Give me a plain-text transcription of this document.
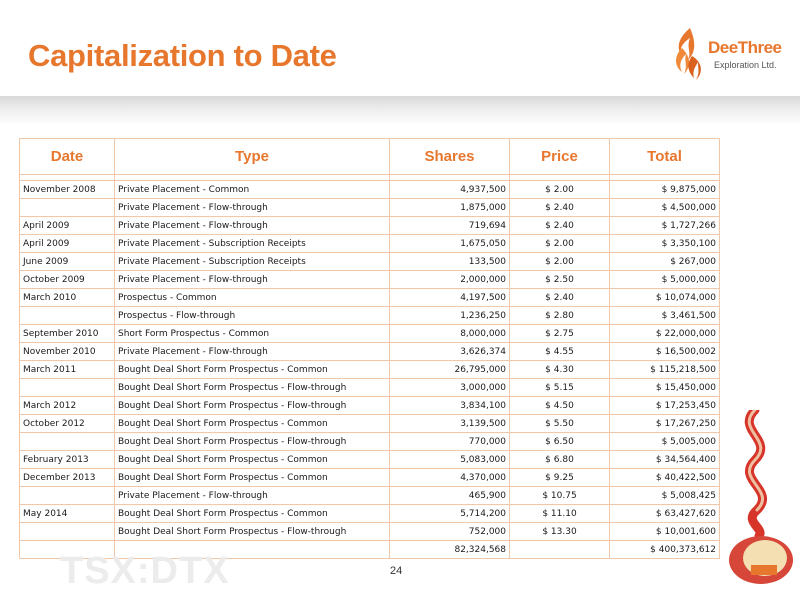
Capitalization to Date	DeeThree
Exploration Ltd.
Date	Type	Shares	Price	Total

November 2008	Private Placement - Common	4,937,500	$ 2.00	$ 9,875,000
	Private Placement - Flow-through	1,875,000	$ 2.40	$ 4,500,000
April 2009	Private Placement - Flow-through	719,694	$ 2.40	$ 1,727,266
April 2009	Private Placement - Subscription Receipts	1,675,050	$ 2.00	$ 3,350,100
June 2009	Private Placement - Subscription Receipts	133,500	$ 2.00	$ 267,000
October 2009	Private Placement - Flow-through	2,000,000	$ 2.50	$ 5,000,000
March 2010	Prospectus - Common	4,197,500	$ 2.40	$ 10,074,000
	Prospectus - Flow-through	1,236,250	$ 2.80	$ 3,461,500
September 2010	Short Form Prospectus - Common	8,000,000	$ 2.75	$ 22,000,000
November 2010	Private Placement - Flow-through	3,626,374	$ 4.55	$ 16,500,002
March 2011	Bought Deal Short Form Prospectus - Common	26,795,000	$ 4.30	$ 115,218,500
	Bought Deal Short Form Prospectus - Flow-through	3,000,000	$ 5.15	$ 15,450,000
March 2012	Bought Deal Short Form Prospectus - Flow-through	3,834,100	$ 4.50	$ 17,253,450
October 2012	Bought Deal Short Form Prospectus - Common	3,139,500	$ 5.50	$ 17,267,250
	Bought Deal Short Form Prospectus - Flow-through	770,000	$ 6.50	$ 5,005,000
February 2013	Bought Deal Short Form Prospectus - Common	5,083,000	$ 6.80	$ 34,564,400
December 2013	Bought Deal Short Form Prospectus - Common	4,370,000	$ 9.25	$ 40,422,500
	Private Placement - Flow-through	465,900	$ 10.75	$ 5,008,425
May 2014	Bought Deal Short Form Prospectus - Common	5,714,200	$ 11.10	$ 63,427,620
	Bought Deal Short Form Prospectus - Flow-through	752,000	$ 13.30	$ 10,001,600
		82,324,568		$ 400,373,612
TSX:DTX	24
